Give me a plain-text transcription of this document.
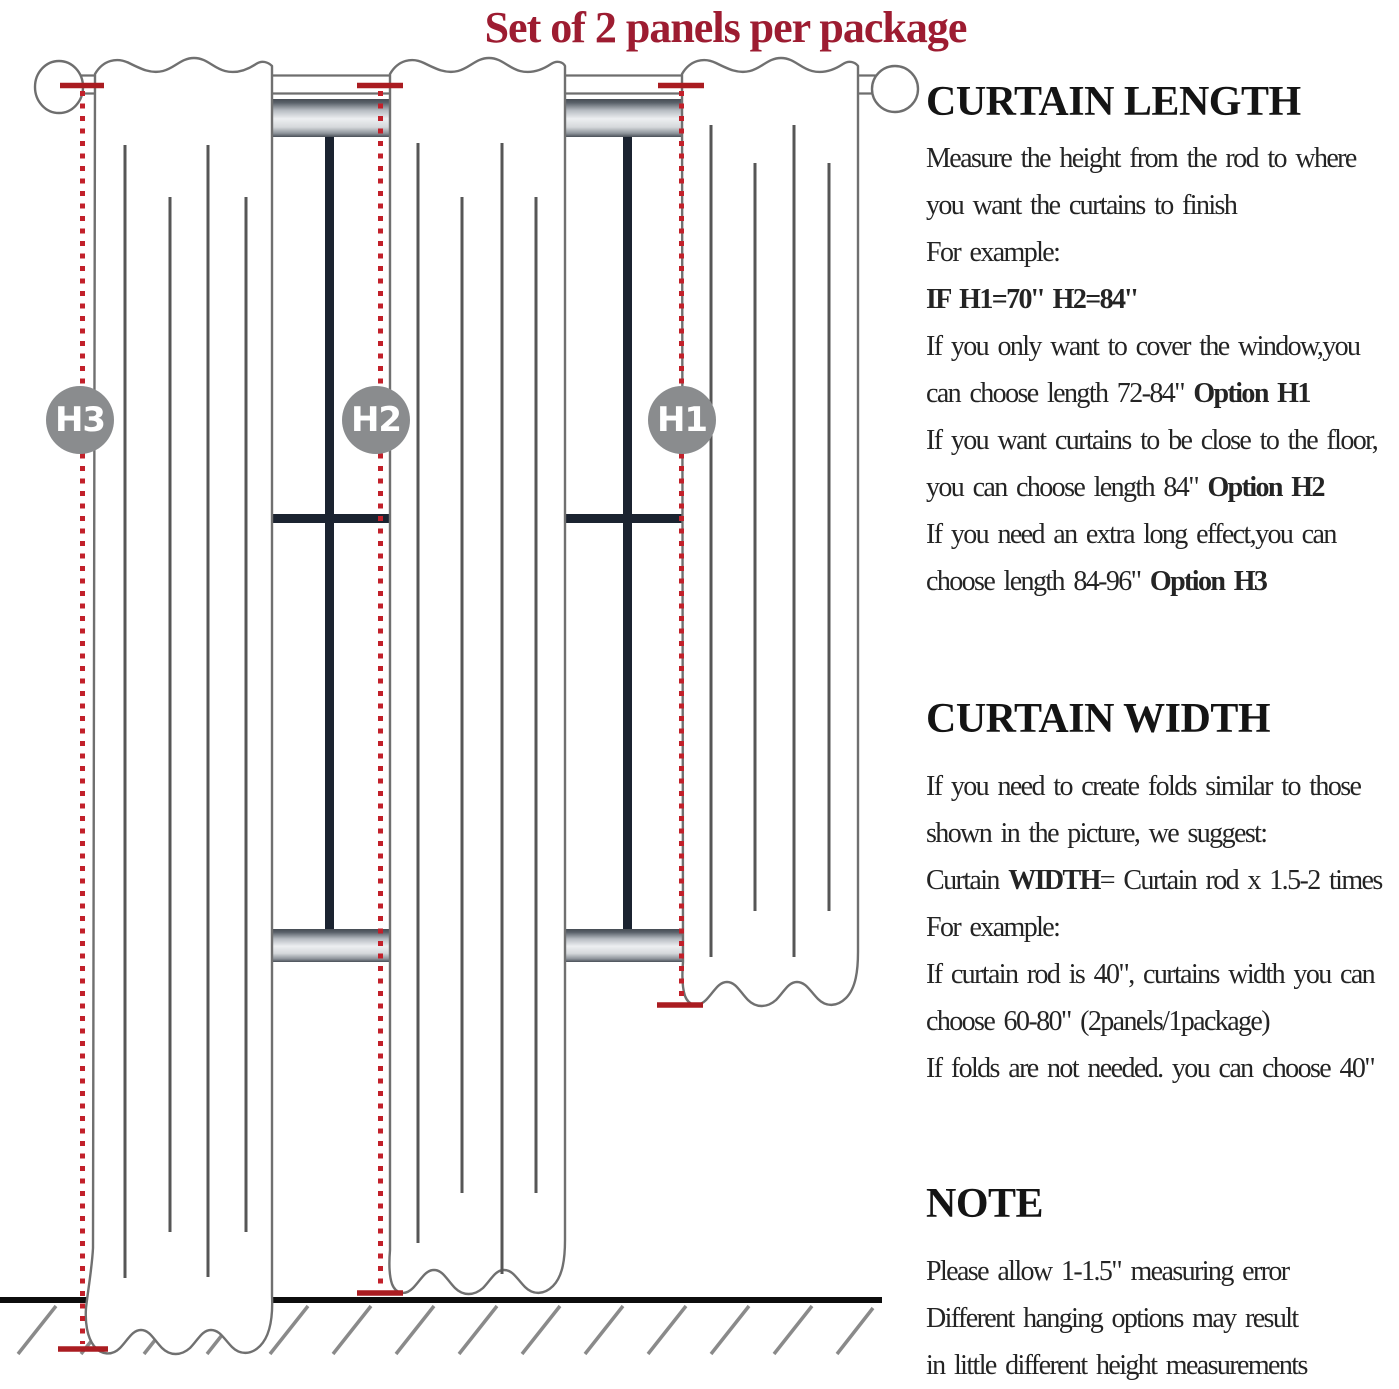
Set of 2 panels per package
H3	H2	H1
CURTAIN LENGTH
Measure the height from the rod to where
you want the curtains to finish
For example:
IF H1=70'' H2=84''
If you only want to cover the window,you
can choose length 72-84" Option H1
If you want curtains to be close to the floor,
you can choose length 84" Option H2
If you need an extra long effect,you can
choose length 84-96" Option H3
CURTAIN WIDTH
If you need to create folds similar to those
shown in the picture, we suggest:
Curtain WIDTH= Curtain rod x 1.5-2 times
For example:
If curtain rod is 40", curtains width you can
choose 60-80" (2panels/1package)
If folds are not needed. you can choose 40"
NOTE
Please allow 1-1.5" measuring error
Different hanging options may result
in little different height measurements
